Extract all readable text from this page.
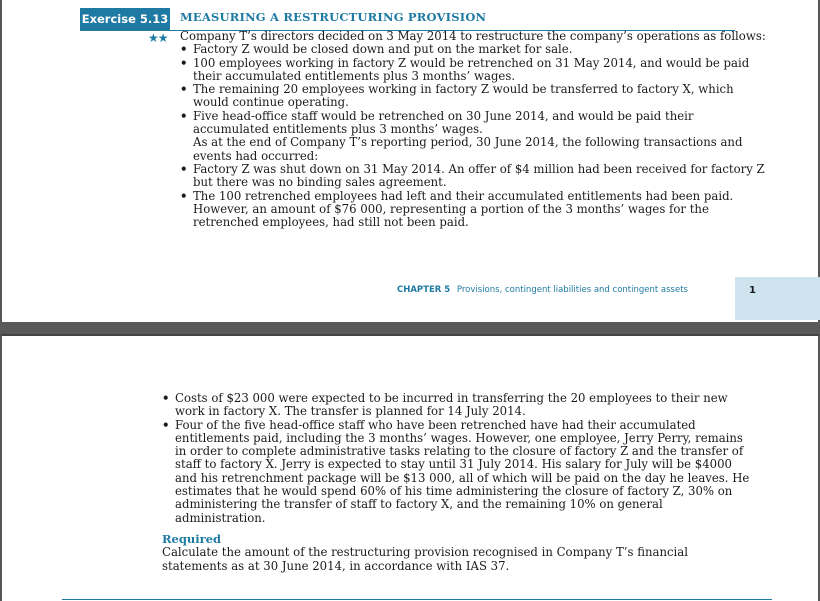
Exercise 5.13 MEASURING A RESTRUCTURING PROVISION
★★ Company T’s directors decided on 3 May 2014 to restructure the company’s operations as follows:

• Factory Z would be closed down and put on the market for sale.
• 100 employees working in factory Z would be retrenched on 31 May 2014, and would be paid their accumulated entitlements plus 3 months’ wages.
• The remaining 20 employees working in factory Z would be transferred to factory X, which would continue operating.
• Five head-office staff would be retrenched on 30 June 2014, and would be paid their accumulated entitlements plus 3 months’ wages.

As at the end of Company T’s reporting period, 30 June 2014, the following transactions and events had occurred:

• Factory Z was shut down on 31 May 2014. An offer of $4 million had been received for factory Z but there was no binding sales agreement.
• The 100 retrenched employees had left and their accumulated entitlements had been paid. However, an amount of $76 000, representing a portion of the 3 months’ wages for the retrenched employees, had still not been paid.
CHAPTER 5 Provisions, contingent liabilities and contingent assets	1
• Costs of $23 000 were expected to be incurred in transferring the 20 employees to their new work in factory X. The transfer is planned for 14 July 2014.
• Four of the five head-office staff who have been retrenched have had their accumulated entitlements paid, including the 3 months’ wages. However, one employee, Jerry Perry, remains in order to complete administrative tasks relating to the closure of factory Z and the transfer of staff to factory X. Jerry is expected to stay until 31 July 2014. His salary for July will be $4000 and his retrenchment package will be $13 000, all of which will be paid on the day he leaves. He estimates that he would spend 60% of his time administering the closure of factory Z, 30% on administering the transfer of staff to factory X, and the remaining 10% on general administration.
Required

Calculate the amount of the restructuring provision recognised in Company T’s financial statements as at 30 June 2014, in accordance with IAS 37.
